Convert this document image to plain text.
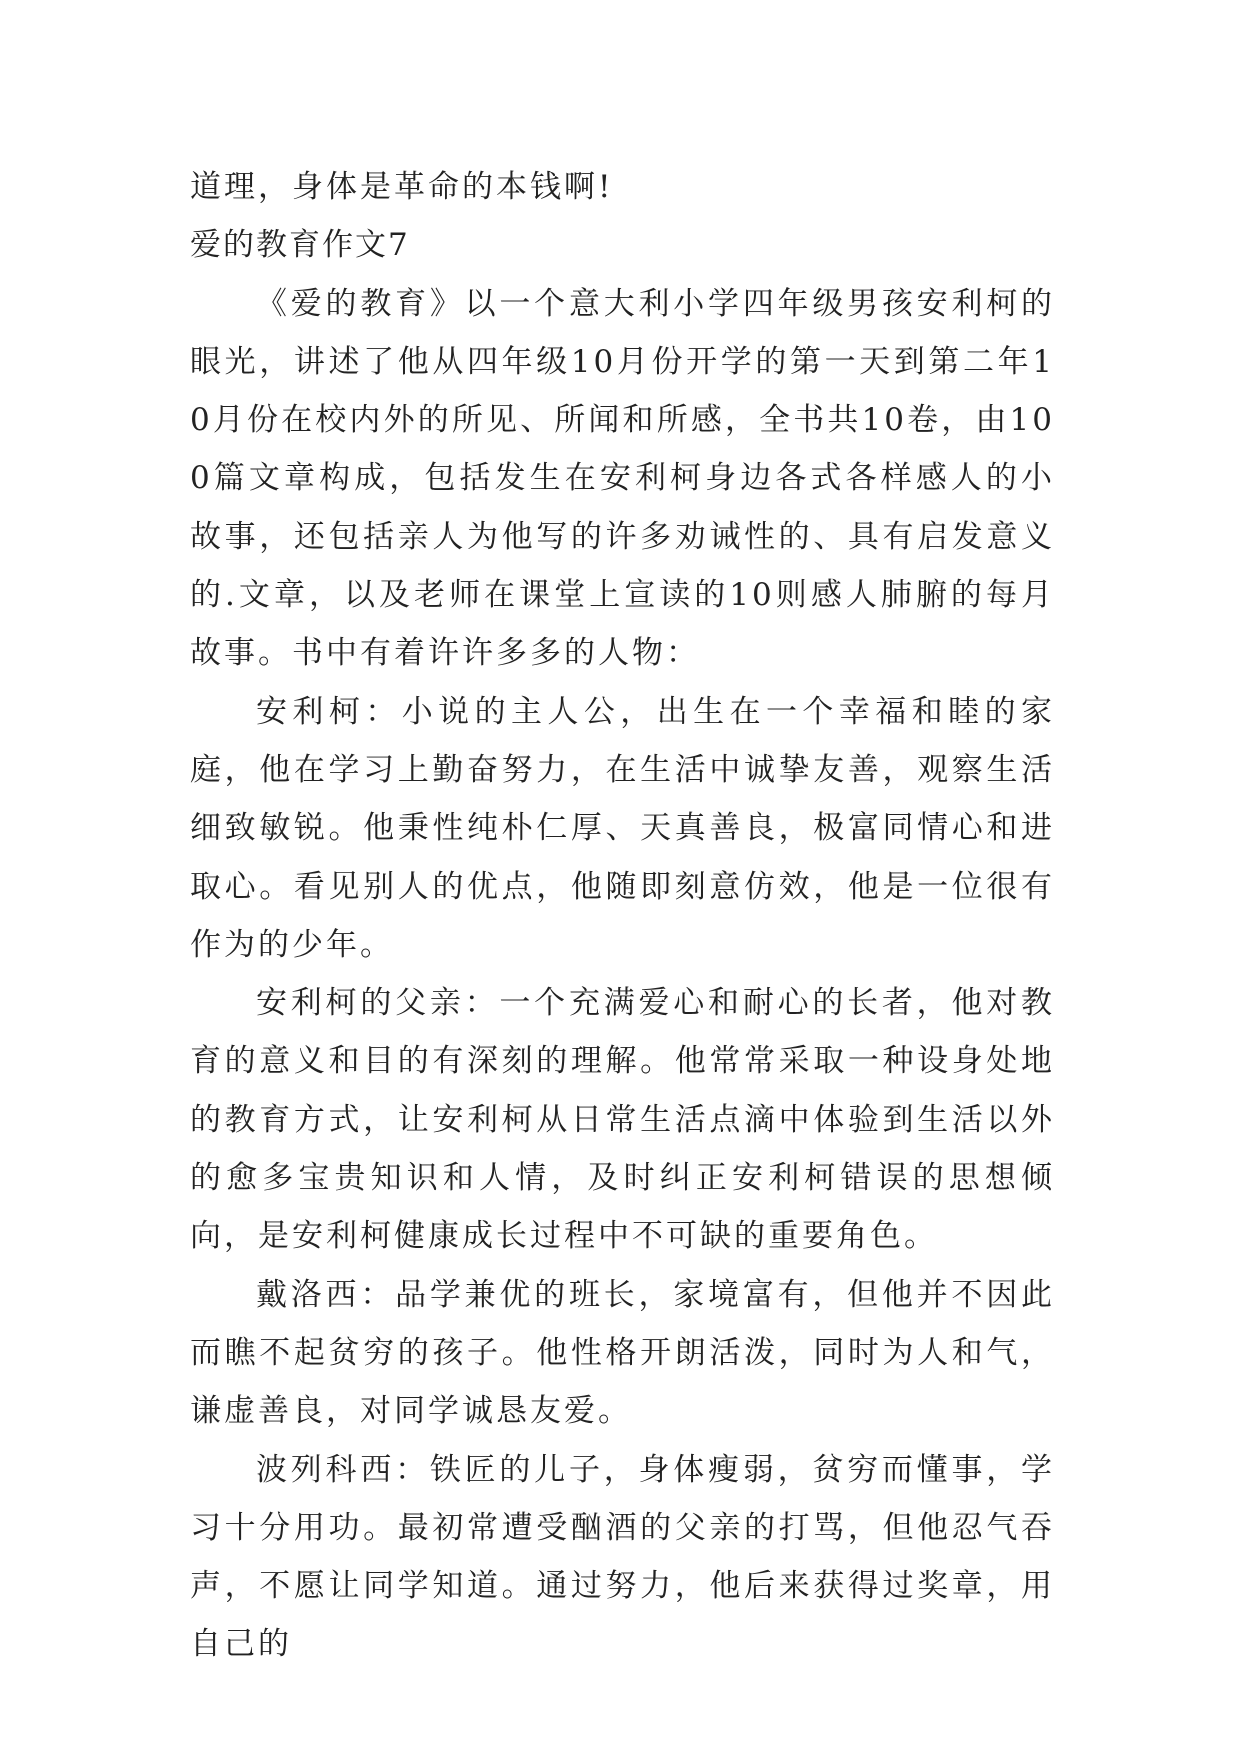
道理，身体是革命的本钱啊!

爱的教育作文7

《爱的教育》以一个意大利小学四年级男孩安利柯的眼光，讲述了他从四年级10月份开学的第一天到第二年10月份在校内外的所见、所闻和所感，全书共10卷，由100篇文章构成，包括发生在安利柯身边各式各样感人的小故事，还包括亲人为他写的许多劝诫性的、具有启发意义的.文章，以及老师在课堂上宣读的10则感人肺腑的每月故事。书中有着许许多多的人物：

安利柯：小说的主人公，出生在一个幸福和睦的家庭，他在学习上勤奋努力，在生活中诚挚友善，观察生活细致敏锐。他秉性纯朴仁厚、天真善良，极富同情心和进取心。看见别人的优点，他随即刻意仿效，他是一位很有作为的少年。

安利柯的父亲：一个充满爱心和耐心的长者，他对教育的意义和目的有深刻的理解。他常常采取一种设身处地的教育方式，让安利柯从日常生活点滴中体验到生活以外的愈多宝贵知识和人情，及时纠正安利柯错误的思想倾向，是安利柯健康成长过程中不可缺的重要角色。

戴洛西：品学兼优的班长，家境富有，但他并不因此而瞧不起贫穷的孩子。他性格开朗活泼，同时为人和气，谦虚善良，对同学诚恳友爱。

波列科西：铁匠的儿子，身体瘦弱，贫穷而懂事，学习十分用功。最初常遭受酗酒的父亲的打骂，但他忍气吞声，不愿让同学知道。通过努力，他后来获得过奖章，用自己的
